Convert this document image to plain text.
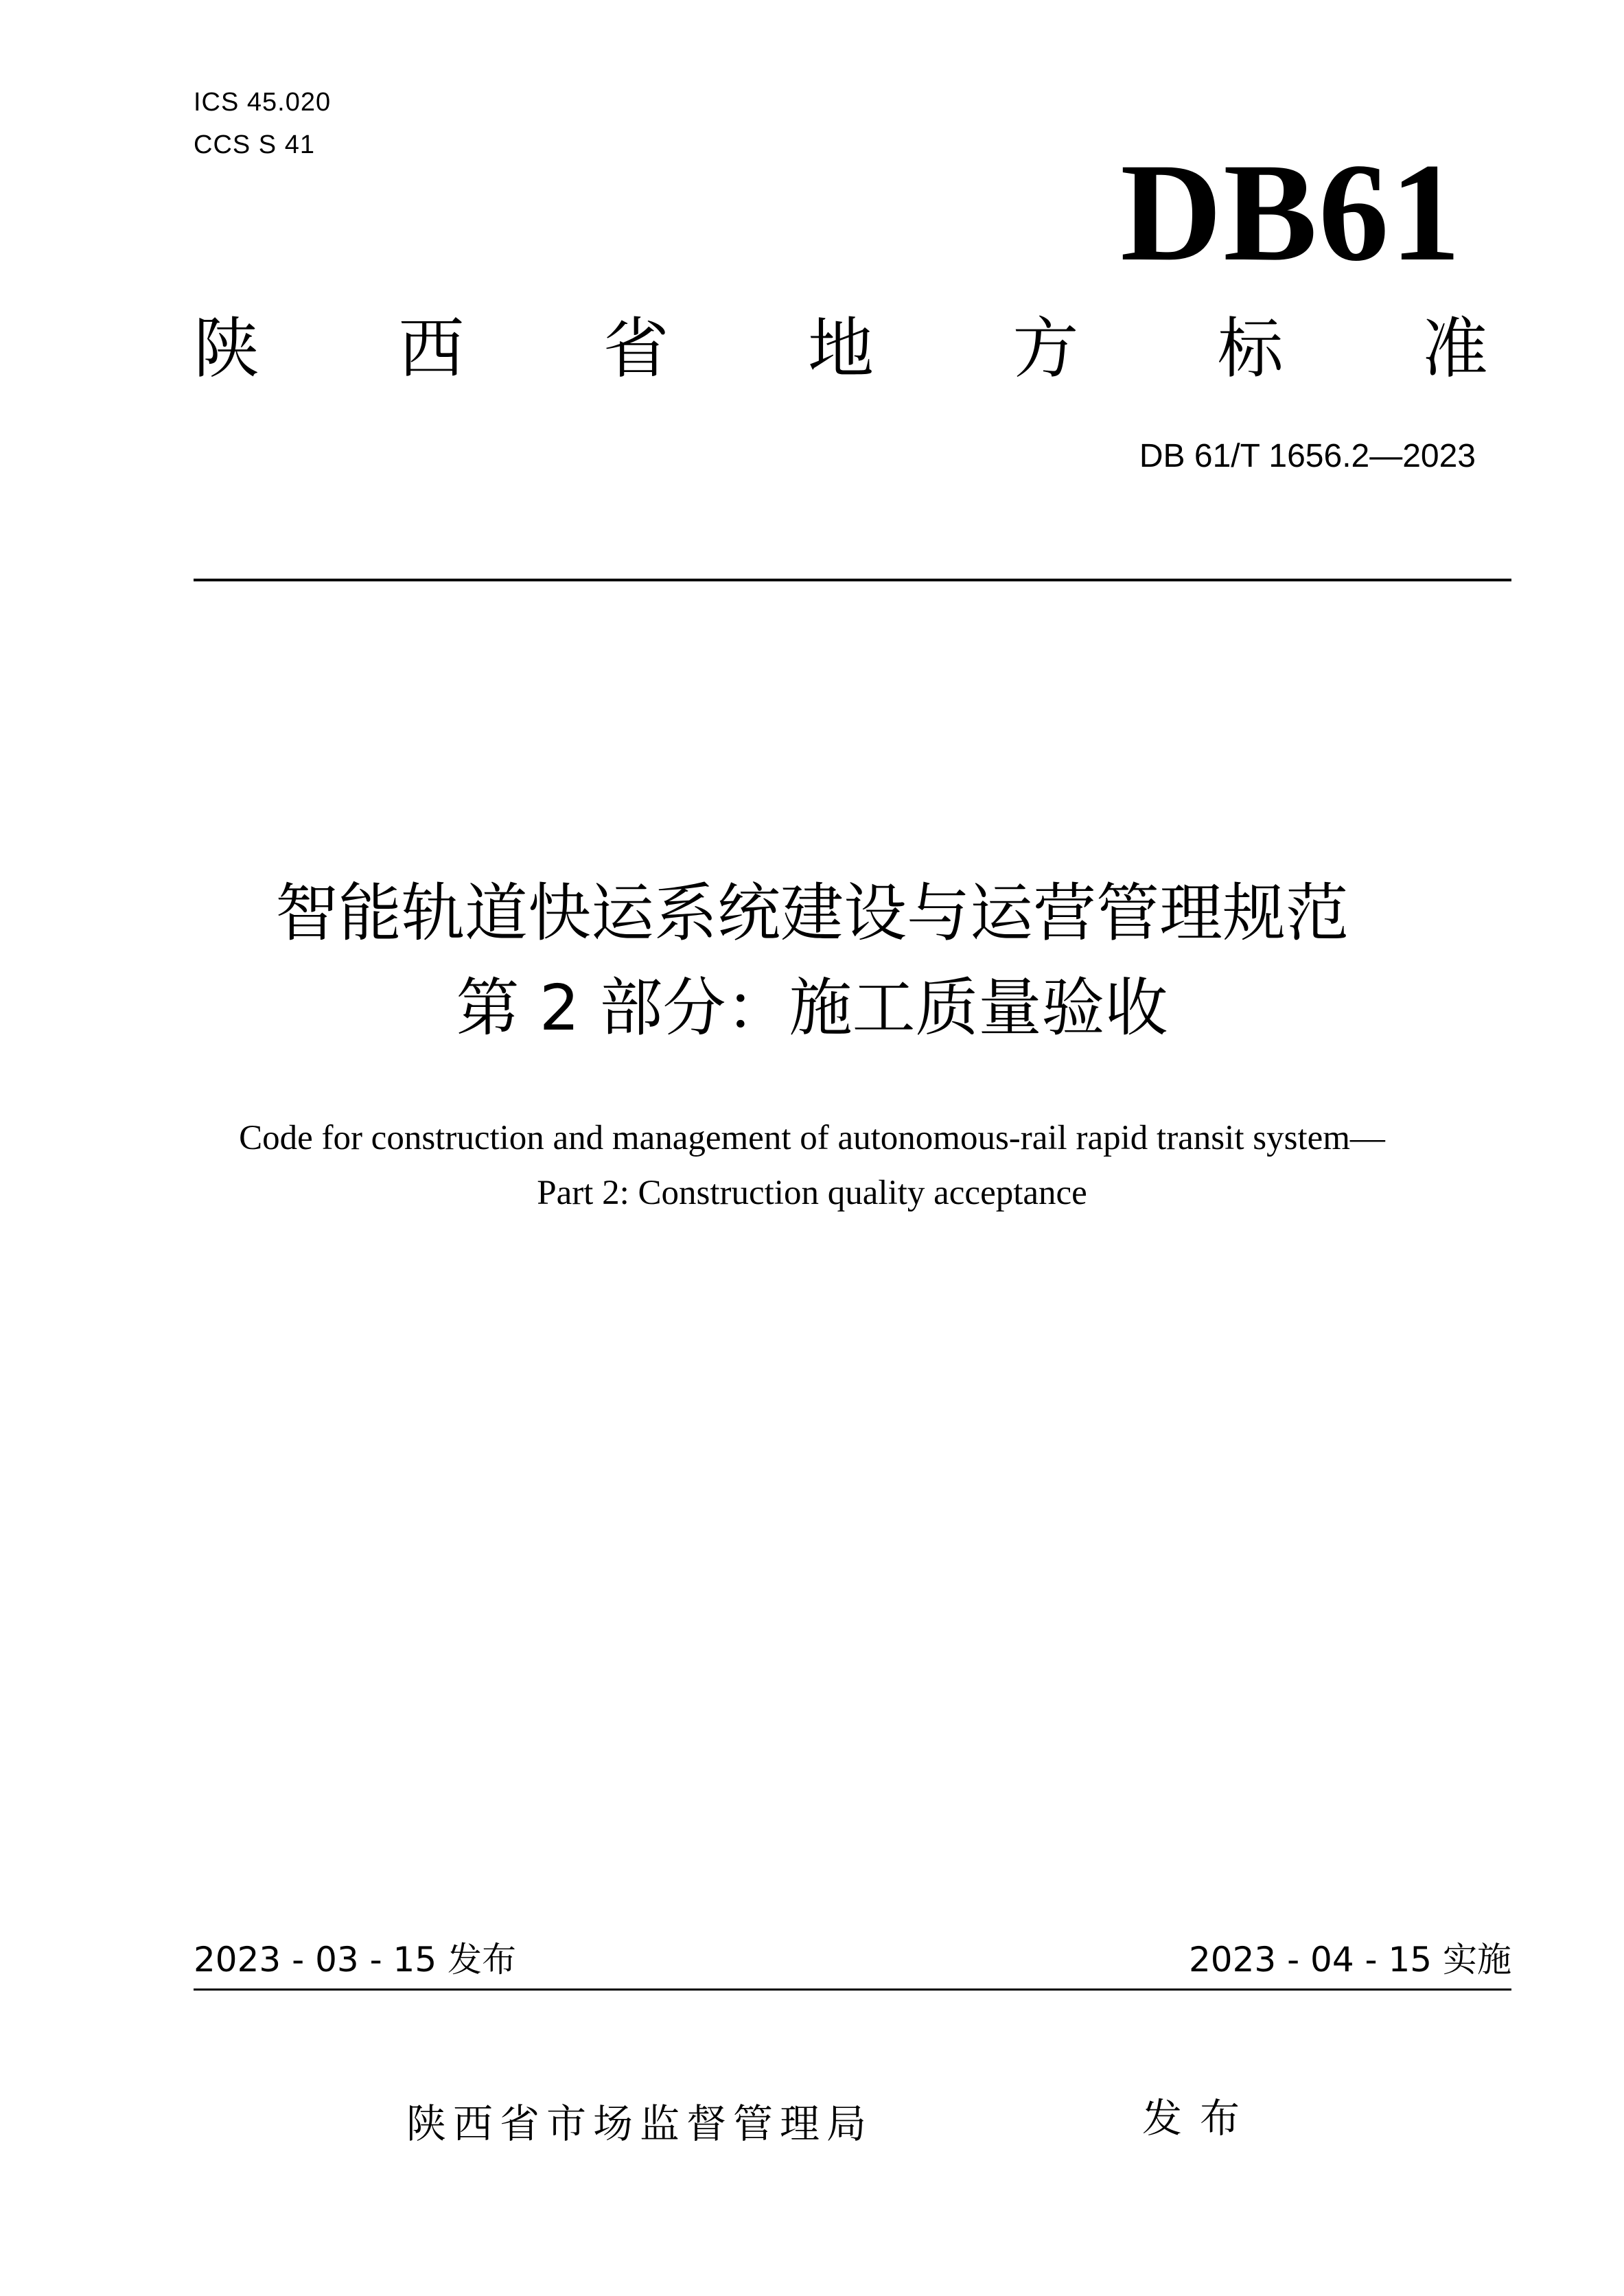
ICS 45.020
CCS S 41	DB61
陕 西 省 地 方 标 准
DB 61/T 1656.2—2023
智能轨道快运系统建设与运营管理规范
第 2 部分：施工质量验收
Code for construction and management of autonomous-rail rapid transit system—
Part 2: Construction quality acceptance
2023 - 03 - 15 发布	2023 - 04 - 15 实施
陕西省市场监督管理局	发布
